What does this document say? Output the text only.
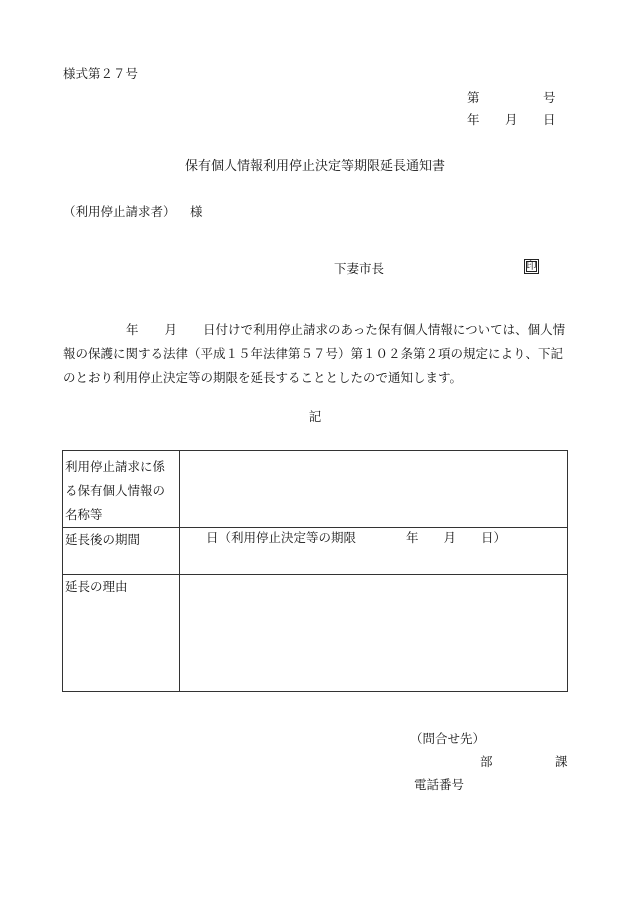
様式第２７号
第	号
年 月 日
保有個人情報利用停止決定等期限延長通知書
（利用停止請求者） 様
下妻市長	印
年 月 日付けで利用停止請求のあった保有個人情報については、個人情
報の保護に関する法律（平成１５年法律第５７号）第１０２条第２項の規定により、下記
のとおり利用停止決定等の期限を延長することとしたので通知します。
記
利用停止請求に係る保有個人情報の名称等	

延長後の期間	日（利用停止決定等の期限　　　　年　　月　　日）

延長の理由	

（問合せ先）
部	課
電話番号
